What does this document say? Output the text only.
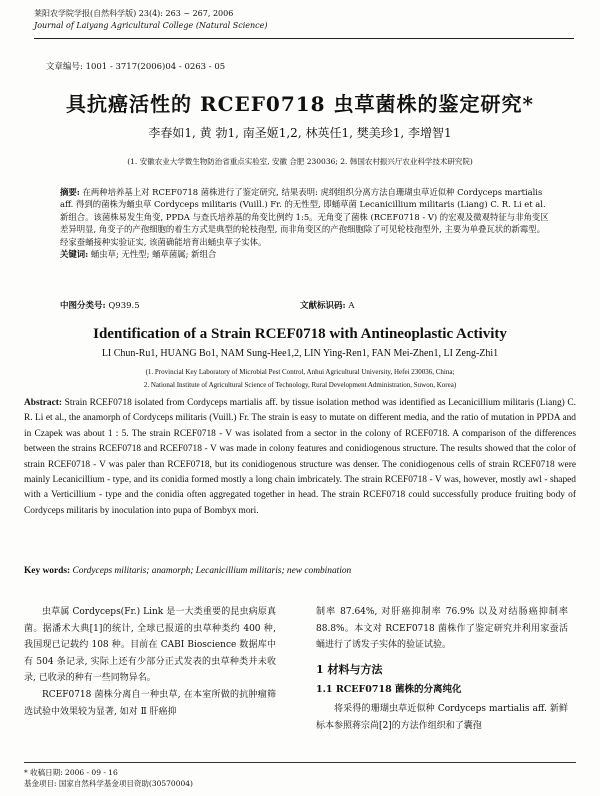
莱阳农学院学报(自然科学版) 23(4): 263 ~ 267, 2006
Journal of Laiyang Agricultural College (Natural Science)
文章编号: 1001 - 3717(2006)04 - 0263 - 05
具抗癌活性的 RCEF0718 虫草菌株的鉴定研究*
李春如1, 黄 勃1, 南圣姬1,2, 林英任1, 樊美珍1, 李增智1
(1. 安徽农业大学微生物防治省重点实验室, 安徽 合肥 230036; 2. 韩国农村振兴厅农业科学技术研究院)
摘要: 在两种培养基上对 RCEF0718 菌株进行了鉴定研究, 结果表明: 虎纲组织分离方法自珊瑚虫草近似种 Cordyceps martialis aff. 得到的菌株为蛹虫草 Cordyceps militaris (Vuill.) Fr. 的无性型, 即蛹草菌 Lecanicillium militaris (Liang) C. R. Li et al. 新组合。该菌株易发生角变, PPDA 与查氏培养基的角变比例约 1:5。无角变了菌株 (RCEF0718 - V) 的宏观及微观特征与非角变区差异明显, 角变子的产孢细胞的着生方式是典型的轮枝孢型, 而非角变区的产孢细胞除了可见轮枝孢型外, 主要为单叠瓦状的新霉型。经家蚕蛹接种实验证实, 该菌确能培育出蛹虫草子实体。
关键词: 蛹虫草; 无性型; 蛹草菌属; 新组合
中图分类号: Q939.5	文献标识码: A
Identification of a Strain RCEF0718 with Antineoplastic Activity
LI Chun-Ru1, HUANG Bo1, NAM Sung-Hee1,2, LIN Ying-Ren1, FAN Mei-Zhen1, LI Zeng-Zhi1
(1. Provincial Key Laboratory of Microbial Pest Control, Anhui Agricultural University, Hefei 230036, China;
2. National Institute of Agricultural Science of Technology, Rural Development Administration, Suwon, Korea)
Abstract: Strain RCEF0718 isolated from Cordyceps martialis aff. by tissue isolation method was identified as Lecanicillium militaris (Liang) C. R. Li et al., the anamorph of Cordyceps militaris (Vuill.) Fr. The strain is easy to mutate on different media, and the ratio of mutation in PPDA and in Czapek was about 1 : 5. The strain RCEF0718 - V was isolated from a sector in the colony of RCEF0718. A comparison of the differences between the strains RCEF0718 and RCEF0718 - V was made in colony features and conidiogenous structure. The results showed that the color of strain RCEF0718 - V was paler than RCEF0718, but its conidiogenous structure was denser. The conidiogenous cells of strain RCEF0718 were mainly Lecanicillium - type, and its conidia formed mostly a long chain imbricately. The strain RCEF0718 - V was, however, mostly awl - shaped with a Verticillium - type and the conidia often aggregated together in head. The strain RCEF0718 could successfully produce fruiting body of Cordyceps militaris by inoculation into pupa of Bombyx mori.
Key words: Cordyceps militaris; anamorph; Lecanicillium militaris; new combination

虫草属 Cordyceps(Fr.) Link 是一大类重要的昆虫病原真菌。据潘术大典[1]的统计, 全球已报道的虫草种类约 400 种, 我国现已记载约 108 种。目前在 CABI Bioscience 数据库中有 504 条记录, 实际上还有少部分正式发表的虫草种类并未收录, 已收录的种有一些同物异名。

RCEF0718 菌株分离自一种虫草, 在本室所做的抗肿瘤筛选试验中效果较为显著, 如对 Ⅱ 肝癌抑

制率 87.64%, 对肝癌抑制率 76.9% 以及对结肠癌抑制率 88.8%。本文对 RCEF0718 菌株作了鉴定研究并利用家蚕活蛹进行了诱发子实体的验证试验。

1 材料与方法
1.1 RCEF0718 菌株的分离纯化

将采得的珊瑚虫草近似种 Cordyceps martialis aff. 新鲜标本参照蒋宗尚[2]的方法作组织和了囊孢

* 收稿日期: 2006 - 09 - 16
基金项目: 国家自然科学基金项目资助(30570004)
